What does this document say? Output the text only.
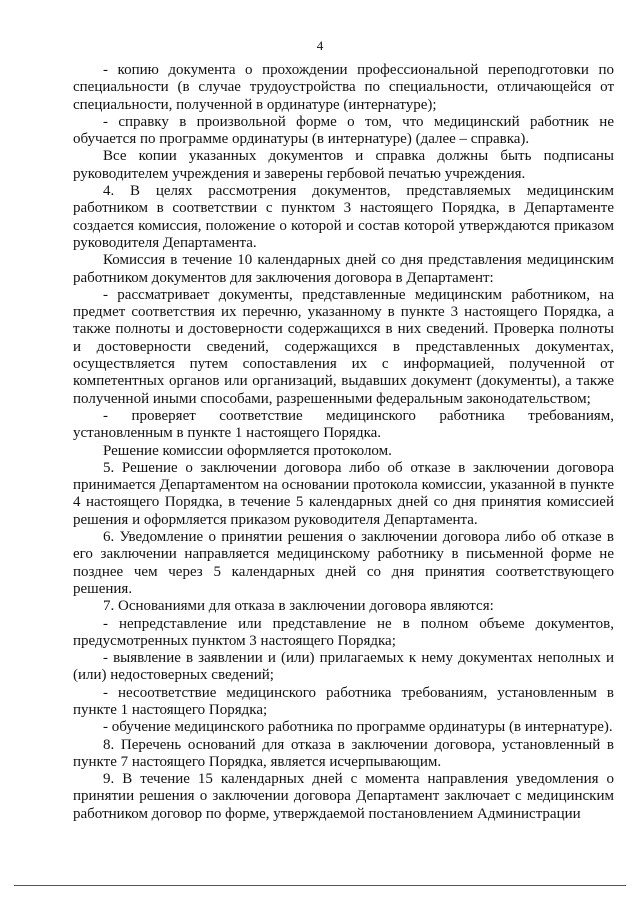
4

- копию документа о прохождении профессиональной переподготовки по специальности (в случае трудоустройства по специальности, отличающейся от специальности, полученной в ординатуре (интернатуре);

- справку в произвольной форме о том, что медицинский работник не обучается по программе ординатуры (в интернатуре) (далее – справка).

Все копии указанных документов и справка должны быть подписаны руководителем учреждения и заверены гербовой печатью учреждения.

4. В целях рассмотрения документов, представляемых медицинским работником в соответствии с пунктом 3 настоящего Порядка, в Департаменте создается комиссия, положение о которой и состав которой утверждаются приказом руководителя Департамента.

Комиссия в течение 10 календарных дней со дня представления медицинским работником документов для заключения договора в Департамент:

- рассматривает документы, представленные медицинским работником, на предмет соответствия их перечню, указанному в пункте 3 настоящего Порядка, а также полноты и достоверности содержащихся в них сведений. Проверка полноты и достоверности сведений, содержащихся в представленных документах, осуществляется путем сопоставления их с информацией, полученной от компетентных органов или организаций, выдавших документ (документы), а также полученной иными способами, разрешенными федеральным законодательством;

- проверяет соответствие медицинского работника требованиям, установленным в пункте 1 настоящего Порядка.

Решение комиссии оформляется протоколом.

5. Решение о заключении договора либо об отказе в заключении договора принимается Департаментом на основании протокола комиссии, указанной в пункте 4 настоящего Порядка, в течение 5 календарных дней со дня принятия комиссией решения и оформляется приказом руководителя Департамента.

6. Уведомление о принятии решения о заключении договора либо об отказе в его заключении направляется медицинскому работнику в письменной форме не позднее чем через 5 календарных дней со дня принятия соответствующего решения.

7. Основаниями для отказа в заключении договора являются:

- непредставление или представление не в полном объеме документов, предусмотренных пунктом 3 настоящего Порядка;

- выявление в заявлении и (или) прилагаемых к нему документах неполных и (или) недостоверных сведений;

- несоответствие медицинского работника требованиям, установленным в пункте 1 настоящего Порядка;

- обучение медицинского работника по программе ординатуры (в интернатуре).

8. Перечень оснований для отказа в заключении договора, установленный в пункте 7 настоящего Порядка, является исчерпывающим.

9. В течение 15 календарных дней с момента направления уведомления о принятии решения о заключении договора Департамент заключает с медицинским работником договор по форме, утверждаемой постановлением Администрации
